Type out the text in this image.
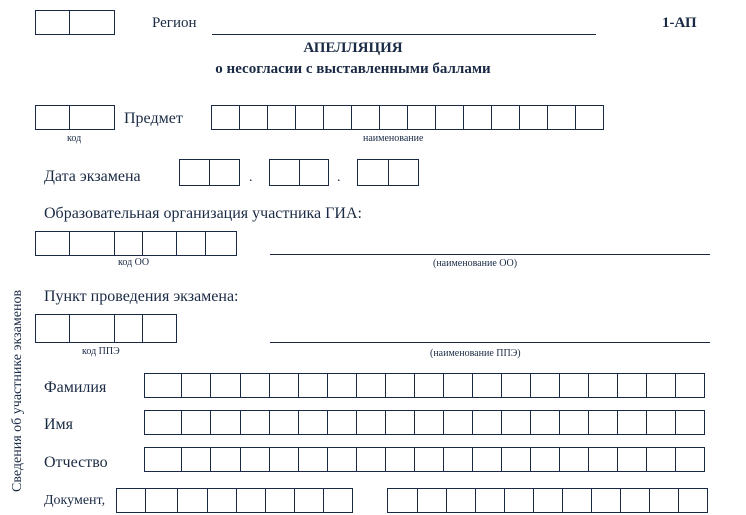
Регион	1-АП
АПЕЛЛЯЦИЯ
о несогласии с выставленными баллами
Предмет
код	наименование
Дата экзамена	.	.
Образовательная организация участника ГИА:
код ОО	(наименование ОО)
Пункт проведения экзамена:
код ППЭ	(наименование ППЭ)
Сведения об участнике экзаменов Фамилия
Имя
Отчество
Документ,
